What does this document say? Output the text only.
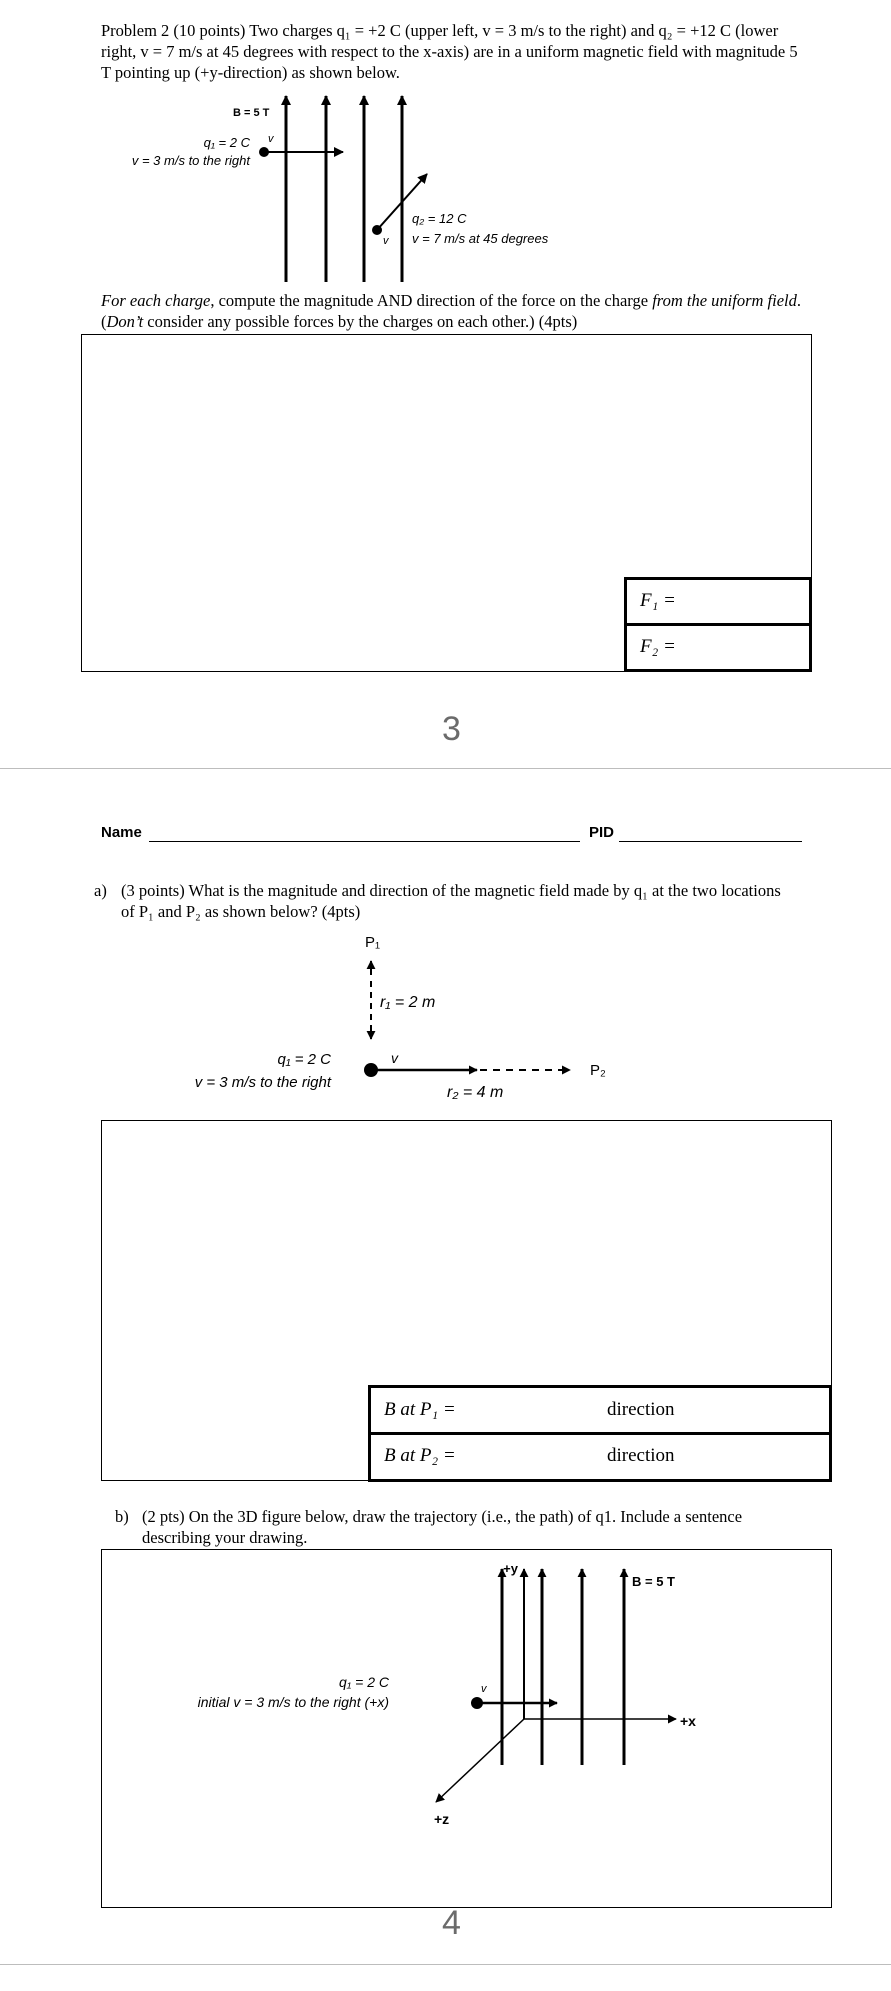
Problem 2 (10 points) Two charges q₁ = +2 C (upper left, v = 3 m/s to the right) and q₂ = +12 C (lower right, v = 7 m/s at 45 degrees with respect to the x-axis) are in a uniform magnetic field with magnitude 5 T pointing up (+y-direction) as shown below.
B = 5 T
v
q₁ = 2 C
v = 3 m/s to the right
v
q₂ = 12 C
v = 7 m/s at 45 degrees
For each charge, compute the magnitude AND direction of the force on the charge from the uniform field. (Don’t consider any possible forces by the charges on each other.) (4pts)
F₁ =
F₂ =
3
Name	PID
a) (3 points) What is the magnitude and direction of the magnetic field made by q₁ at the two locations of P₁ and P₂ as shown below? (4pts)
P₁
r₁ = 2 m
v
P₂
r₂ = 4 m
q₁ = 2 C
v = 3 m/s to the right
B at P₁ =	direction
B at P₂ =	direction
b) (2 pts) On the 3D figure below, draw the trajectory (i.e., the path) of q1. Include a sentence describing your drawing.
+y
B = 5 T
+x
+z
v
q₁ = 2 C
initial v = 3 m/s to the right (+x)
4
